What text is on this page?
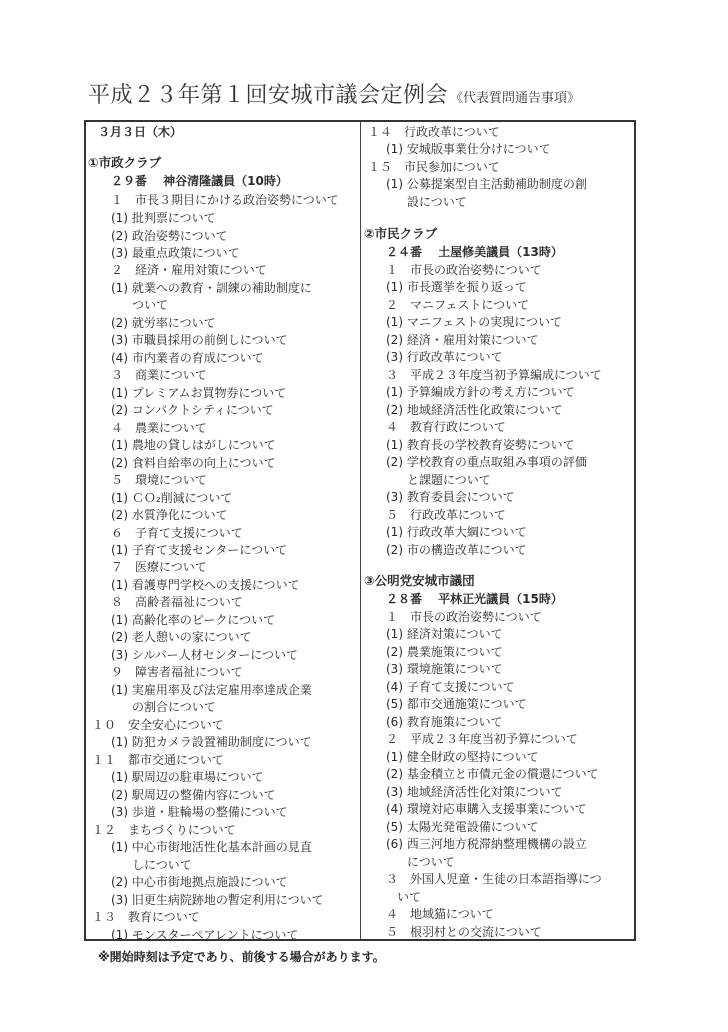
平成２３年第１回安城市議会定例会 《代表質問通告事項》
３月３日（木）
①市政クラブ
２９番　 神谷清隆議員（10時）
１　市長３期目にかける政治姿勢について
(1) 批判票について
(2) 政治姿勢について
(3) 最重点政策について
２　経済・雇用対策について
(1) 就業への教育・訓練の補助制度に
ついて
(2) 就労率について
(3) 市職員採用の前倒しについて
(4) 市内業者の育成について
３　商業について
(1) プレミアムお買物券について
(2) コンパクトシティについて
４　農業について
(1) 農地の貸しはがしについて
(2) 食料自給率の向上について
５　環境について
(1) ＣＯ₂削減について
(2) 水質浄化について
６　子育て支援について
(1) 子育て支援センターについて
７　医療について
(1) 看護専門学校への支援について
８　高齢者福祉について
(1) 高齢化率のピークについて
(2) 老人憩いの家について
(3) シルバー人材センターについて
９　障害者福祉について
(1) 実雇用率及び法定雇用率達成企業
の割合について
１０　安全安心について
(1) 防犯カメラ設置補助制度について
１１　都市交通について
(1) 駅周辺の駐車場について
(2) 駅周辺の整備内容について
(3) 歩道・駐輪場の整備について
１２　まちづくりについて
(1) 中心市街地活性化基本計画の見直
しについて
(2) 中心市街地拠点施設について
(3) 旧更生病院跡地の暫定利用について
１３　教育について
(1) モンスターペアレントについて
１４　行政改革について
(1) 安城版事業仕分けについて
１５　市民参加について
(1) 公募提案型自主活動補助制度の創
設について
②市民クラブ
２４番　 土屋修美議員（13時）
１　市長の政治姿勢について
(1) 市長選挙を振り返って
２　マニフェストについて
(1) マニフェストの実現について
(2) 経済・雇用対策について
(3) 行政改革について
３　平成２３年度当初予算編成について
(1) 予算編成方針の考え方について
(2) 地域経済活性化政策について
４　教育行政について
(1) 教育長の学校教育姿勢について
(2) 学校教育の重点取組み事項の評価
と課題について
(3) 教育委員会について
５　行政改革について
(1) 行政改革大綱について
(2) 市の構造改革について
③公明党安城市議団
２８番　 平林正光議員（15時）
１　市長の政治姿勢について
(1) 経済対策について
(2) 農業施策について
(3) 環境施策について
(4) 子育て支援について
(5) 都市交通施策について
(6) 教育施策について
２　平成２３年度当初予算について
(1) 健全財政の堅持について
(2) 基金積立と市債元金の償還について
(3) 地域経済活性化対策について
(4) 環境対応車購入支援事業について
(5) 太陽光発電設備について
(6) 西三河地方税滞納整理機構の設立
について
３　外国人児童・生徒の日本語指導につ
いて
４　地域猫について
５　根羽村との交流について
※開始時刻は予定であり、前後する場合があります。
